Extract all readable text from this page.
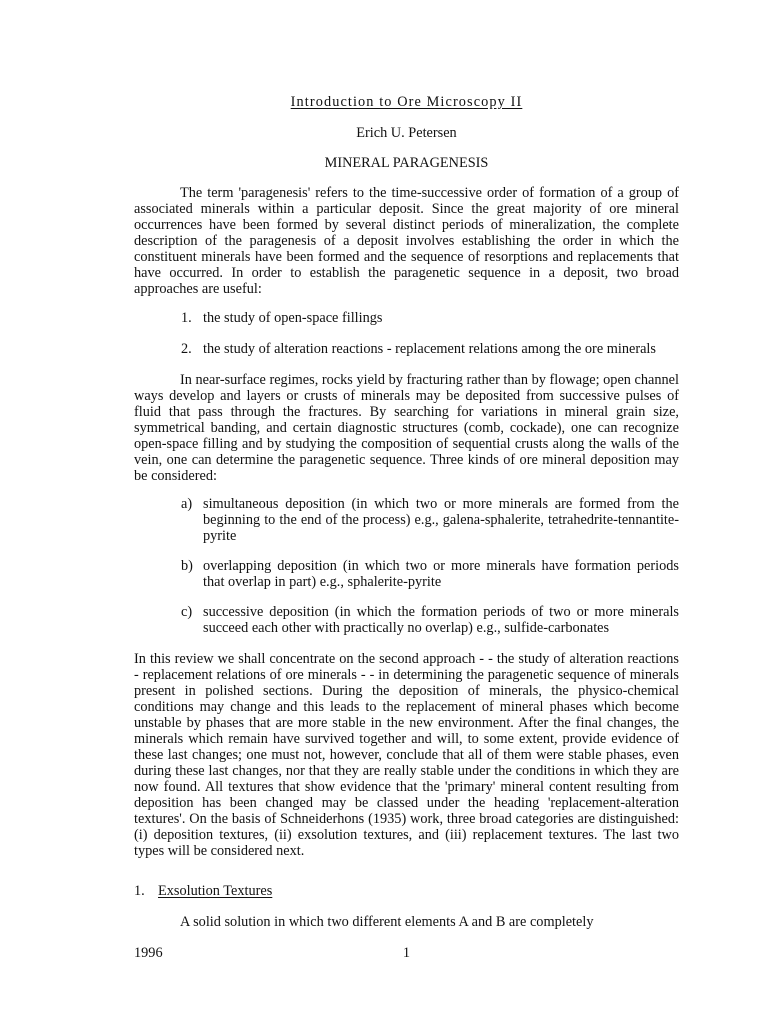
Introduction to Ore Microscopy II
Erich U. Petersen
MINERAL PARAGENESIS

The term 'paragenesis' refers to the time-successive order of formation of a group of associated minerals within a particular deposit. Since the great majority of ore mineral occurrences have been formed by several distinct periods of mineralization, the complete description of the paragenesis of a deposit involves establishing the order in which the constituent minerals have been formed and the sequence of resorptions and replacements that have occurred. In order to establish the paragenetic sequence in a deposit, two broad approaches are useful:

1. the study of open-space fillings
2. the study of alteration reactions - replacement relations among the ore minerals

In near-surface regimes, rocks yield by fracturing rather than by flowage; open channel ways develop and layers or crusts of minerals may be deposited from successive pulses of fluid that pass through the fractures. By searching for variations in mineral grain size, symmetrical banding, and certain diagnostic structures (comb, cockade), one can recognize open-space filling and by studying the composition of sequential crusts along the walls of the vein, one can determine the paragenetic sequence. Three kinds of ore mineral deposition may be considered:

a) simultaneous deposition (in which two or more minerals are formed from the beginning to the end of the process) e.g., galena-sphalerite, tetrahedrite-tennantite-pyrite
b) overlapping deposition (in which two or more minerals have formation periods that overlap in part) e.g., sphalerite-pyrite
c) successive deposition (in which the formation periods of two or more minerals succeed each other with practically no overlap) e.g., sulfide-carbonates

In this review we shall concentrate on the second approach - - the study of alteration reactions - replacement relations of ore minerals - - in determining the paragenetic sequence of minerals present in polished sections. During the deposition of minerals, the physico-chemical conditions may change and this leads to the replacement of mineral phases which become unstable by phases that are more stable in the new environment. After the final changes, the minerals which remain have survived together and will, to some extent, provide evidence of these last changes; one must not, however, conclude that all of them were stable phases, even during these last changes, nor that they are really stable under the conditions in which they are now found. All textures that show evidence that the 'primary' mineral content resulting from deposition has been changed may be classed under the heading 'replacement-alteration textures'. On the basis of Schneiderhons (1935) work, three broad categories are distinguished: (i) deposition textures, (ii) exsolution textures, and (iii) replacement textures. The last two types will be considered next.

1. Exsolution Textures

A solid solution in which two different elements A and B are completely

1996	1
